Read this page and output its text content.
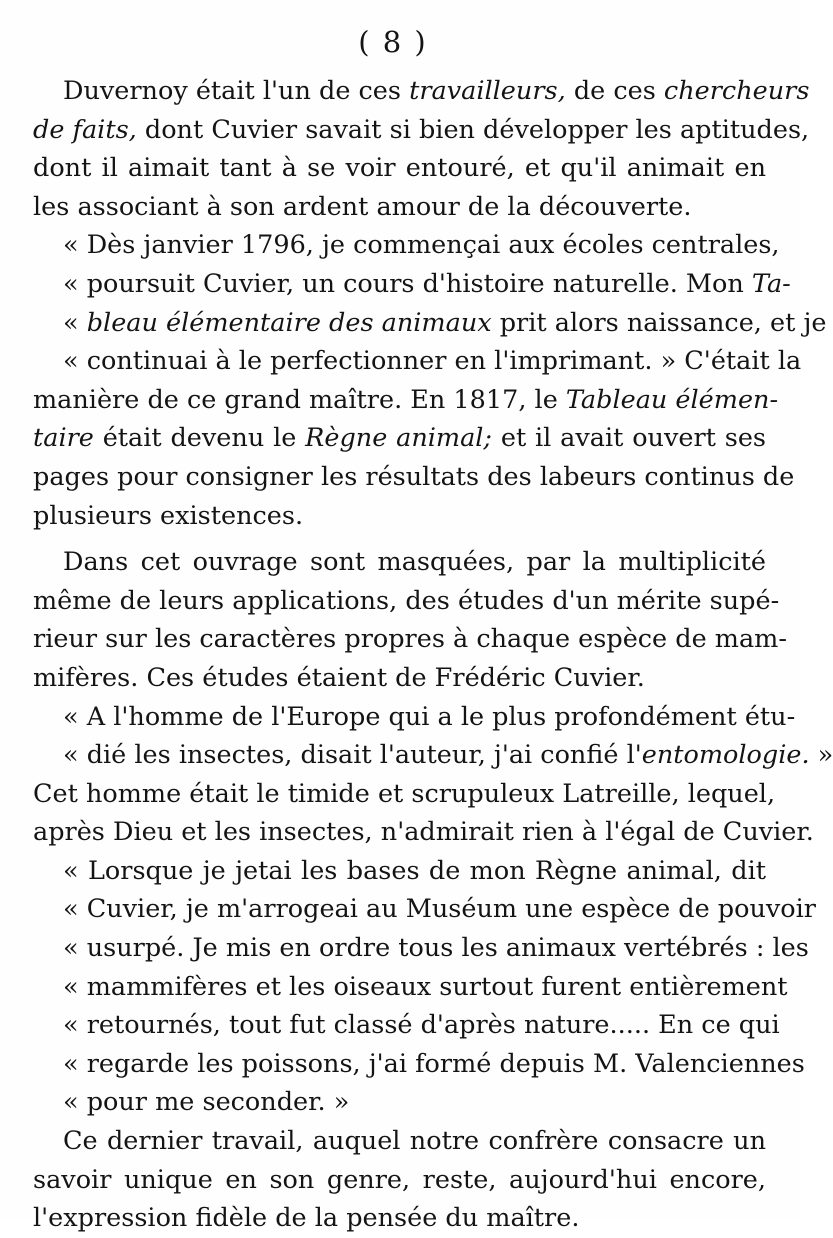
( 8 )
Duvernoy était l'un de ces travailleurs, de ces chercheurs
de faits, dont Cuvier savait si bien développer les aptitudes,
dont il aimait tant à se voir entouré, et qu'il animait en
les associant à son ardent amour de la découverte.
« Dès janvier 1796, je commençai aux écoles centrales,
« poursuit Cuvier, un cours d'histoire naturelle. Mon Ta-
« bleau élémentaire des animaux prit alors naissance, et je
« continuai à le perfectionner en l'imprimant. » C'était la
manière de ce grand maître. En 1817, le Tableau élémen-
taire était devenu le Règne animal; et il avait ouvert ses
pages pour consigner les résultats des labeurs continus de
plusieurs existences.
Dans cet ouvrage sont masquées, par la multiplicité
même de leurs applications, des études d'un mérite supé-
rieur sur les caractères propres à chaque espèce de mam-
mifères. Ces études étaient de Frédéric Cuvier.
« A l'homme de l'Europe qui a le plus profondément étu-
« dié les insectes, disait l'auteur, j'ai confié l'entomologie. »
Cet homme était le timide et scrupuleux Latreille, lequel,
après Dieu et les insectes, n'admirait rien à l'égal de Cuvier.
« Lorsque je jetai les bases de mon Règne animal, dit
« Cuvier, je m'arrogeai au Muséum une espèce de pouvoir
« usurpé. Je mis en ordre tous les animaux vertébrés : les
« mammifères et les oiseaux surtout furent entièrement
« retournés, tout fut classé d'après nature..... En ce qui
« regarde les poissons, j'ai formé depuis M. Valenciennes
« pour me seconder. »
Ce dernier travail, auquel notre confrère consacre un
savoir unique en son genre, reste, aujourd'hui encore,
l'expression fidèle de la pensée du maître.
